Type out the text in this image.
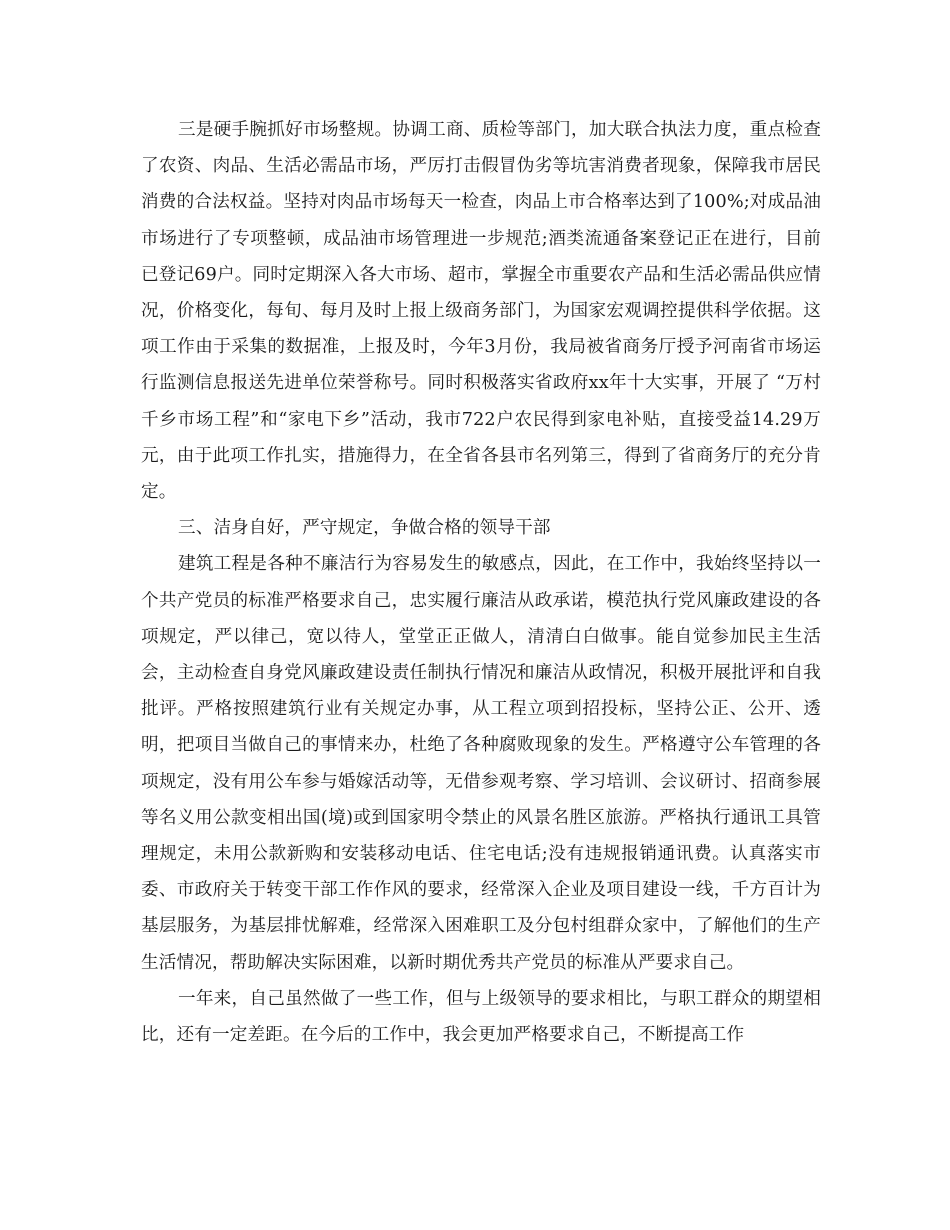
三是硬手腕抓好市场整规。协调工商、质检等部门，加大联合执法力度，重点检查了农资、肉品、生活必需品市场，严厉打击假冒伪劣等坑害消费者现象，保障我市居民消费的合法权益。坚持对肉品市场每天一检查，肉品上市合格率达到了100%;对成品油市场进行了专项整顿，成品油市场管理进一步规范;酒类流通备案登记正在进行，目前已登记69户。同时定期深入各大市场、超市，掌握全市重要农产品和生活必需品供应情况，价格变化，每旬、每月及时上报上级商务部门，为国家宏观调控提供科学依据。这项工作由于采集的数据准，上报及时，今年3月份，我局被省商务厅授予河南省市场运行监测信息报送先进单位荣誉称号。同时积极落实省政府xx年十大实事，开展了 “万村千乡市场工程”和“家电下乡”活动，我市722户农民得到家电补贴，直接受益14.29万元，由于此项工作扎实，措施得力，在全省各县市名列第三，得到了省商务厅的充分肯定。

三、洁身自好，严守规定，争做合格的领导干部

建筑工程是各种不廉洁行为容易发生的敏感点，因此，在工作中，我始终坚持以一个共产党员的标准严格要求自己，忠实履行廉洁从政承诺，模范执行党风廉政建设的各项规定，严以律己，宽以待人，堂堂正正做人，清清白白做事。能自觉参加民主生活会，主动检查自身党风廉政建设责任制执行情况和廉洁从政情况，积极开展批评和自我批评。严格按照建筑行业有关规定办事，从工程立项到招投标，坚持公正、公开、透明，把项目当做自己的事情来办，杜绝了各种腐败现象的发生。严格遵守公车管理的各项规定，没有用公车参与婚嫁活动等，无借参观考察、学习培训、会议研讨、招商参展等名义用公款变相出国(境)或到国家明令禁止的风景名胜区旅游。严格执行通讯工具管理规定，未用公款新购和安装移动电话、住宅电话;没有违规报销通讯费。认真落实市委、市政府关于转变干部工作作风的要求，经常深入企业及项目建设一线，千方百计为基层服务，为基层排忧解难，经常深入困难职工及分包村组群众家中，了解他们的生产生活情况，帮助解决实际困难，以新时期优秀共产党员的标准从严要求自己。

一年来，自己虽然做了一些工作，但与上级领导的要求相比，与职工群众的期望相比，还有一定差距。在今后的工作中，我会更加严格要求自己，不断提高工作
